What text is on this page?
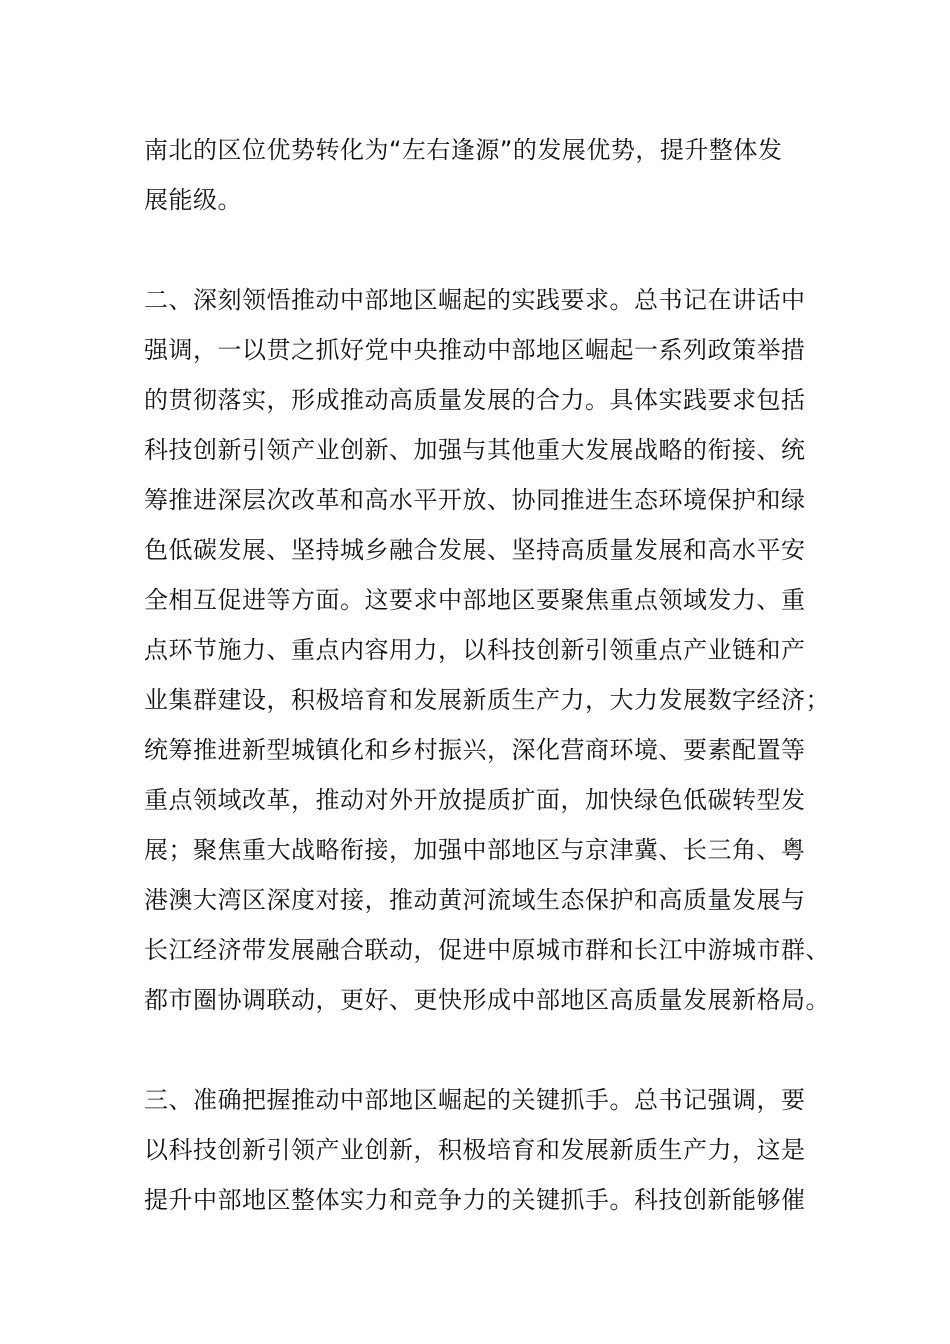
南北的区位优势转化为“左右逢源”的发展优势，提升整体发
展能级。

二、深刻领悟推动中部地区崛起的实践要求。总书记在讲话中
强调，一以贯之抓好党中央推动中部地区崛起一系列政策举措
的贯彻落实，形成推动高质量发展的合力。具体实践要求包括
科技创新引领产业创新、加强与其他重大发展战略的衔接、统
筹推进深层次改革和高水平开放、协同推进生态环境保护和绿
色低碳发展、坚持城乡融合发展、坚持高质量发展和高水平安
全相互促进等方面。这要求中部地区要聚焦重点领域发力、重
点环节施力、重点内容用力，以科技创新引领重点产业链和产
业集群建设，积极培育和发展新质生产力，大力发展数字经济；
统筹推进新型城镇化和乡村振兴，深化营商环境、要素配置等
重点领域改革，推动对外开放提质扩面，加快绿色低碳转型发
展；聚焦重大战略衔接，加强中部地区与京津冀、长三角、粤
港澳大湾区深度对接，推动黄河流域生态保护和高质量发展与
长江经济带发展融合联动，促进中原城市群和长江中游城市群、
都市圈协调联动，更好、更快形成中部地区高质量发展新格局。

三、准确把握推动中部地区崛起的关键抓手。总书记强调，要
以科技创新引领产业创新，积极培育和发展新质生产力，这是
提升中部地区整体实力和竞争力的关键抓手。科技创新能够催
